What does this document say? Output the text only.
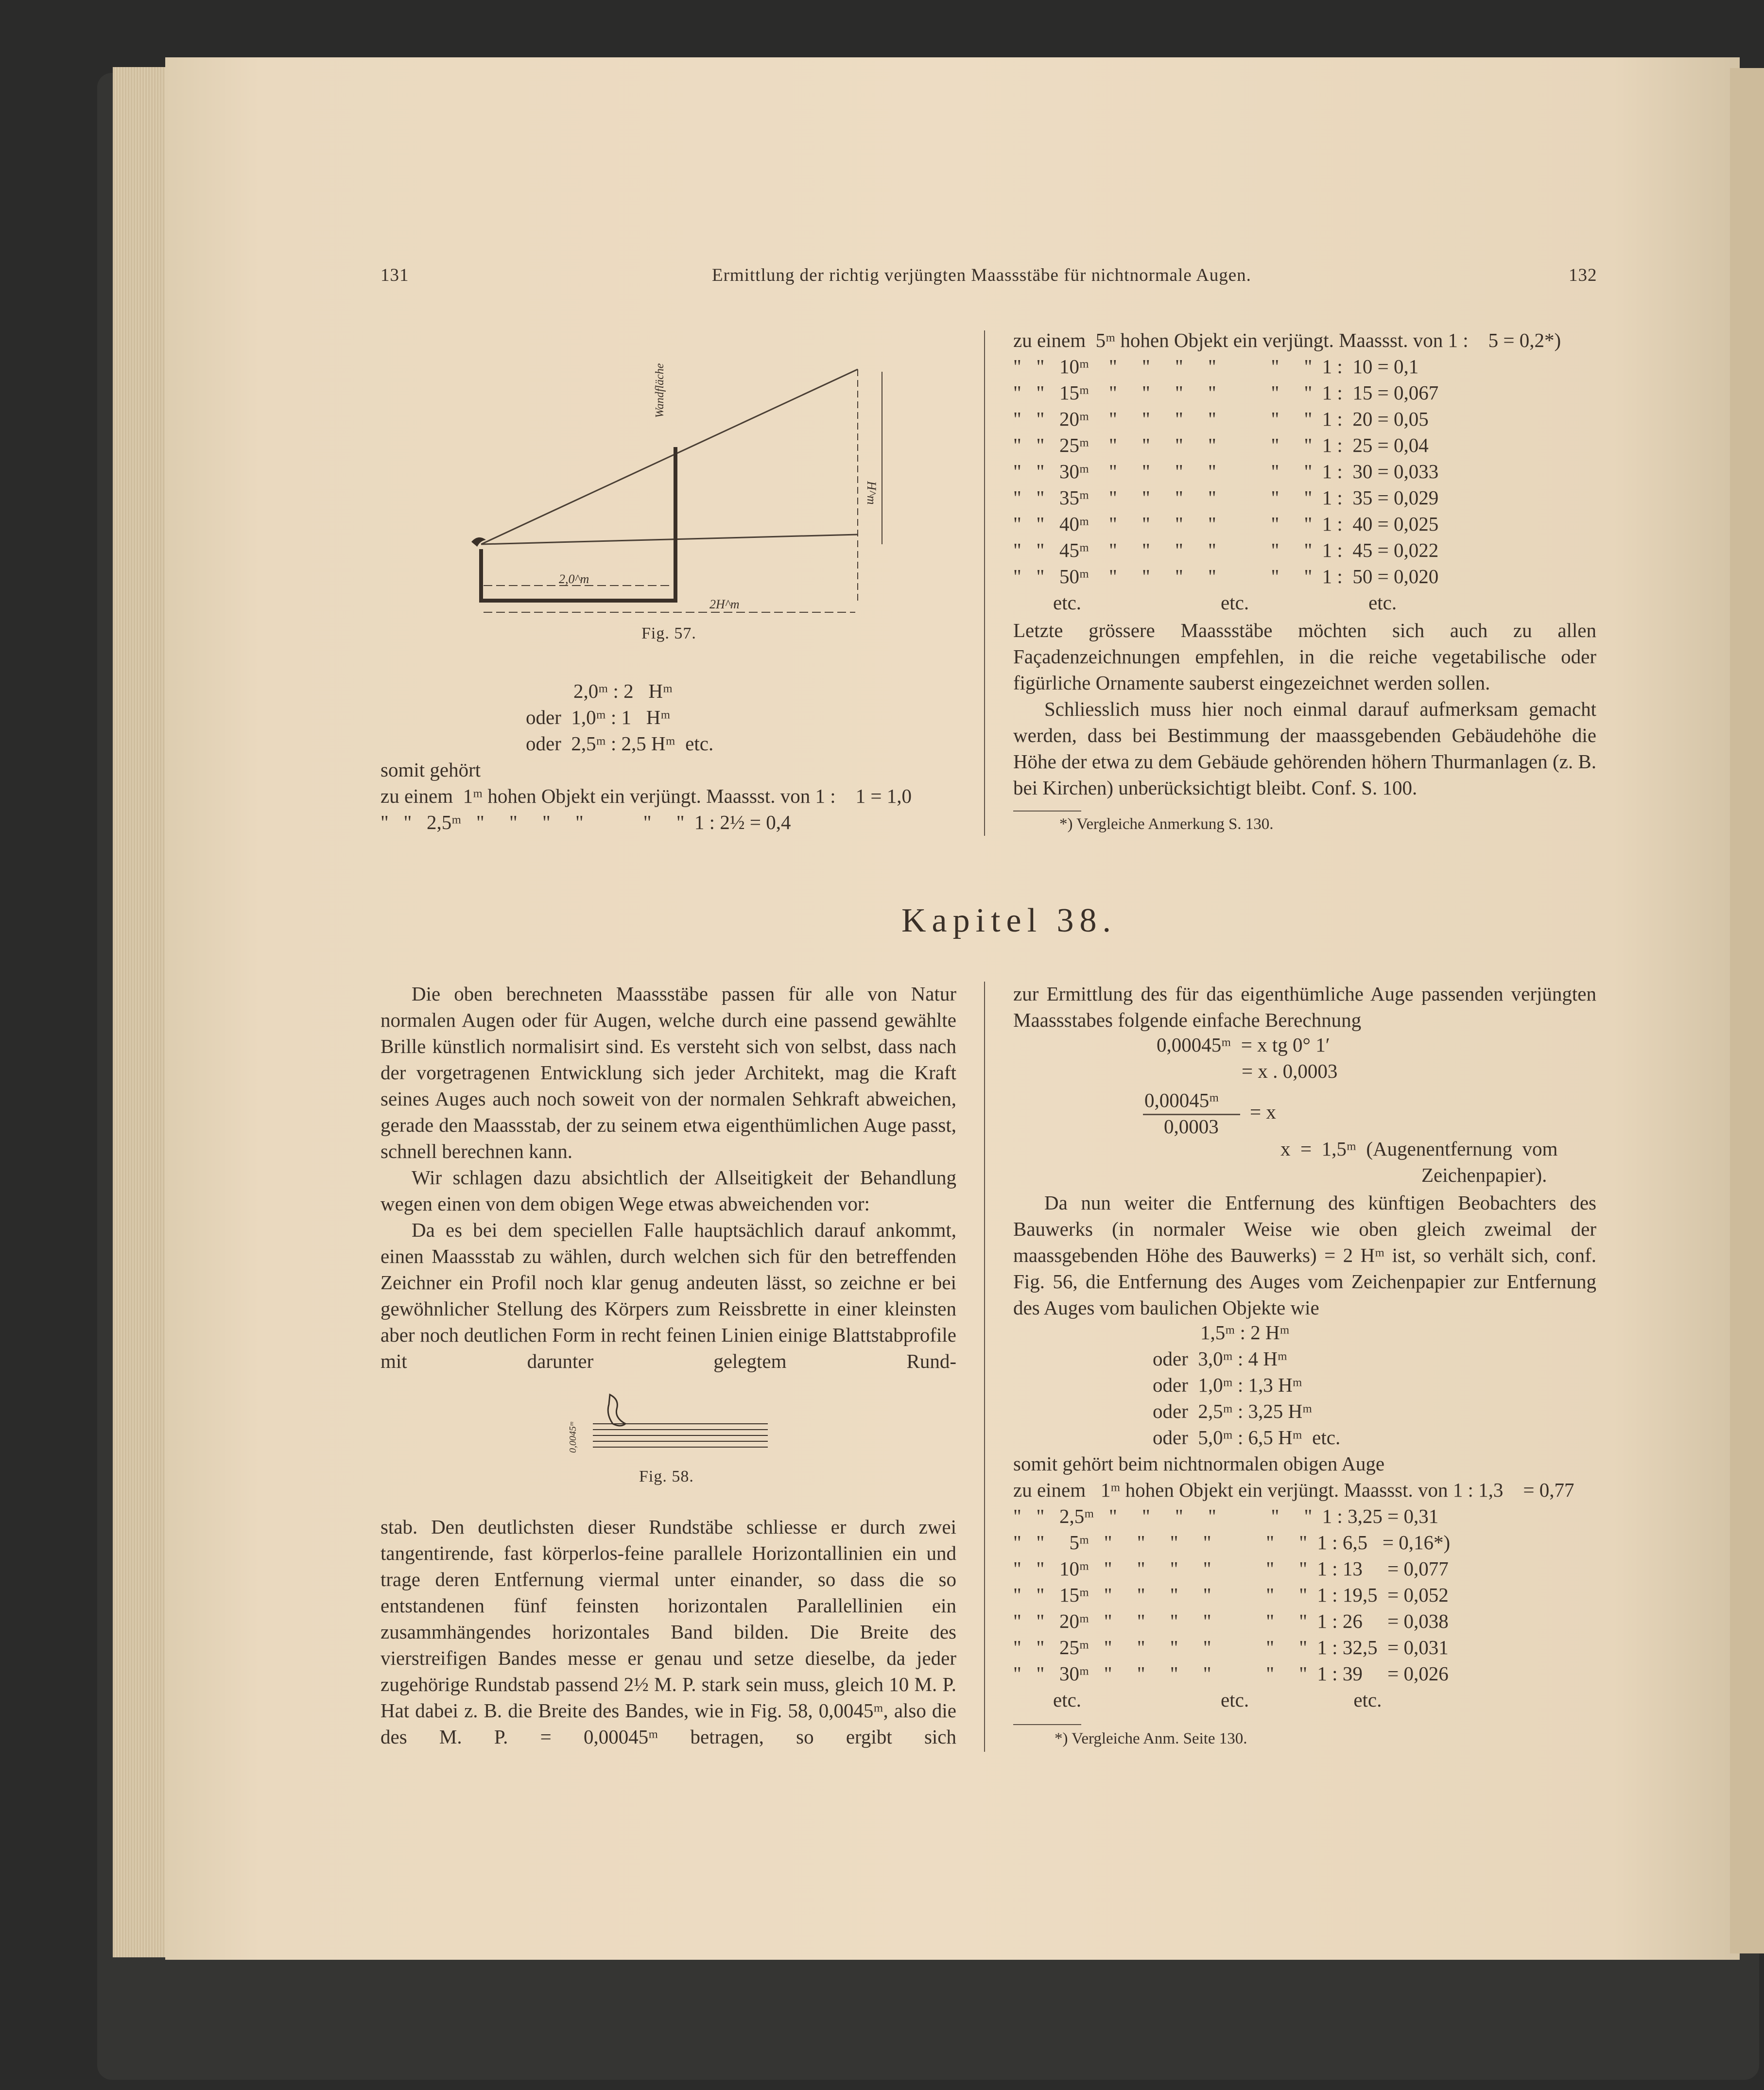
131	Ermittlung der richtig verjüngten Maassstäbe für nichtnormale Augen.	132
Wandfläche
H^m
2,0^m
2H^m
Fig. 57.
2,0ᵐ : 2   Hᵐ
oder  1,0ᵐ : 1   Hᵐ
oder  2,5ᵐ : 2,5 Hᵐ  etc.
somit gehört
zu einem  1ᵐ hohen Objekt ein verjüngt. Maassst. von 1 :    1 = 1,0
"   "   2,5ᵐ   "     "     "     "            "     "  1 : 2½ = 0,4
zu einem  5ᵐ hohen Objekt ein verjüngt. Maassst. von 1 :    5 = 0,2*)
"   "   10ᵐ    "     "     "     "           "     "  1 :  10 = 0,1
"   "   15ᵐ    "     "     "     "           "     "  1 :  15 = 0,067
"   "   20ᵐ    "     "     "     "           "     "  1 :  20 = 0,05
"   "   25ᵐ    "     "     "     "           "     "  1 :  25 = 0,04
"   "   30ᵐ    "     "     "     "           "     "  1 :  30 = 0,033
"   "   35ᵐ    "     "     "     "           "     "  1 :  35 = 0,029
"   "   40ᵐ    "     "     "     "           "     "  1 :  40 = 0,025
"   "   45ᵐ    "     "     "     "           "     "  1 :  45 = 0,022
"   "   50ᵐ    "     "     "     "           "     "  1 :  50 = 0,020
etc.                            etc.                        etc.

Letzte grössere Maassstäbe möchten sich auch zu allen Façadenzeichnungen empfehlen, in die reiche vegetabilische oder figürliche Ornamente sauberst eingezeichnet werden sollen.

Schliesslich muss hier noch einmal darauf aufmerksam gemacht werden, dass bei Bestimmung der maassgebenden Gebäudehöhe die Höhe der etwa zu dem Gebäude gehörenden höhern Thurmanlagen (z. B. bei Kirchen) unberücksichtigt bleibt. Conf. S. 100.

*) Vergleiche Anmerkung S. 130.
Kapitel 38.

Die oben berechneten Maassstäbe passen für alle von Natur normalen Augen oder für Augen, welche durch eine passend gewählte Brille künstlich normalisirt sind. Es versteht sich von selbst, dass nach der vorgetragenen Entwicklung sich jeder Architekt, mag die Kraft seines Auges auch noch soweit von der normalen Sehkraft abweichen, gerade den Maassstab, der zu seinem etwa eigenthümlichen Auge passt, schnell berechnen kann.

Wir schlagen dazu absichtlich der Allseitigkeit der Behandlung wegen einen von dem obigen Wege etwas abweichenden vor:

Da es bei dem speciellen Falle hauptsächlich darauf ankommt, einen Maassstab zu wählen, durch welchen sich für den betreffenden Zeichner ein Profil noch klar genug andeuten lässt, so zeichne er bei gewöhnlicher Stellung des Körpers zum Reissbrette in einer kleinsten aber noch deutlichen Form in recht feinen Linien einige Blattstabprofile mit darunter gelegtem Rund-

0,0045ᵐ
Fig. 58.

stab. Den deutlichsten dieser Rundstäbe schliesse er durch zwei tangentirende, fast körperlos-feine parallele Horizontallinien ein und trage deren Entfernung viermal unter einander, so dass die so entstandenen fünf feinsten horizontalen Parallellinien ein zusammhängendes horizontales Band bilden. Die Breite des vierstreifigen Bandes messe er genau und setze dieselbe, da jeder zugehörige Rundstab passend 2½ M. P. stark sein muss, gleich 10 M. P. Hat dabei z. B. die Breite des Bandes, wie in Fig. 58, 0,0045ᵐ, also die des M. P. = 0,00045ᵐ betragen, so ergibt sich

zur Ermittlung des für das eigenthümliche Auge passenden verjüngten Maassstabes folgende einfache Berechnung

0,00045ᵐ  = x tg 0° 1′
= x . 0,0003
0,00045ᵐ
0,0003
= x
x  =  1,5ᵐ  (Augenentfernung  vom
Zeichenpapier).

Da nun weiter die Entfernung des künftigen Beobachters des Bauwerks (in normaler Weise wie oben gleich zweimal der maassgebenden Höhe des Bauwerks) = 2 Hᵐ ist, so verhält sich, conf. Fig. 56, die Entfernung des Auges vom Zeichenpapier zur Entfernung des Auges vom baulichen Objekte wie

1,5ᵐ : 2 Hᵐ
oder  3,0ᵐ : 4 Hᵐ
oder  1,0ᵐ : 1,3 Hᵐ
oder  2,5ᵐ : 3,25 Hᵐ
oder  5,0ᵐ : 6,5 Hᵐ  etc.
somit gehört beim nichtnormalen obigen Auge
zu einem   1ᵐ hohen Objekt ein verjüngt. Maassst. von 1 : 1,3    = 0,77
"   "   2,5ᵐ   "     "     "     "           "     "  1 : 3,25 = 0,31
"   "     5ᵐ   "     "     "     "           "     "  1 : 6,5   = 0,16*)
"   "   10ᵐ   "     "     "     "           "     "  1 : 13     = 0,077
"   "   15ᵐ   "     "     "     "           "     "  1 : 19,5  = 0,052
"   "   20ᵐ   "     "     "     "           "     "  1 : 26     = 0,038
"   "   25ᵐ   "     "     "     "           "     "  1 : 32,5  = 0,031
"   "   30ᵐ   "     "     "     "           "     "  1 : 39     = 0,026
etc.                            etc.                     etc.
*) Vergleiche Anm. Seite 130.
